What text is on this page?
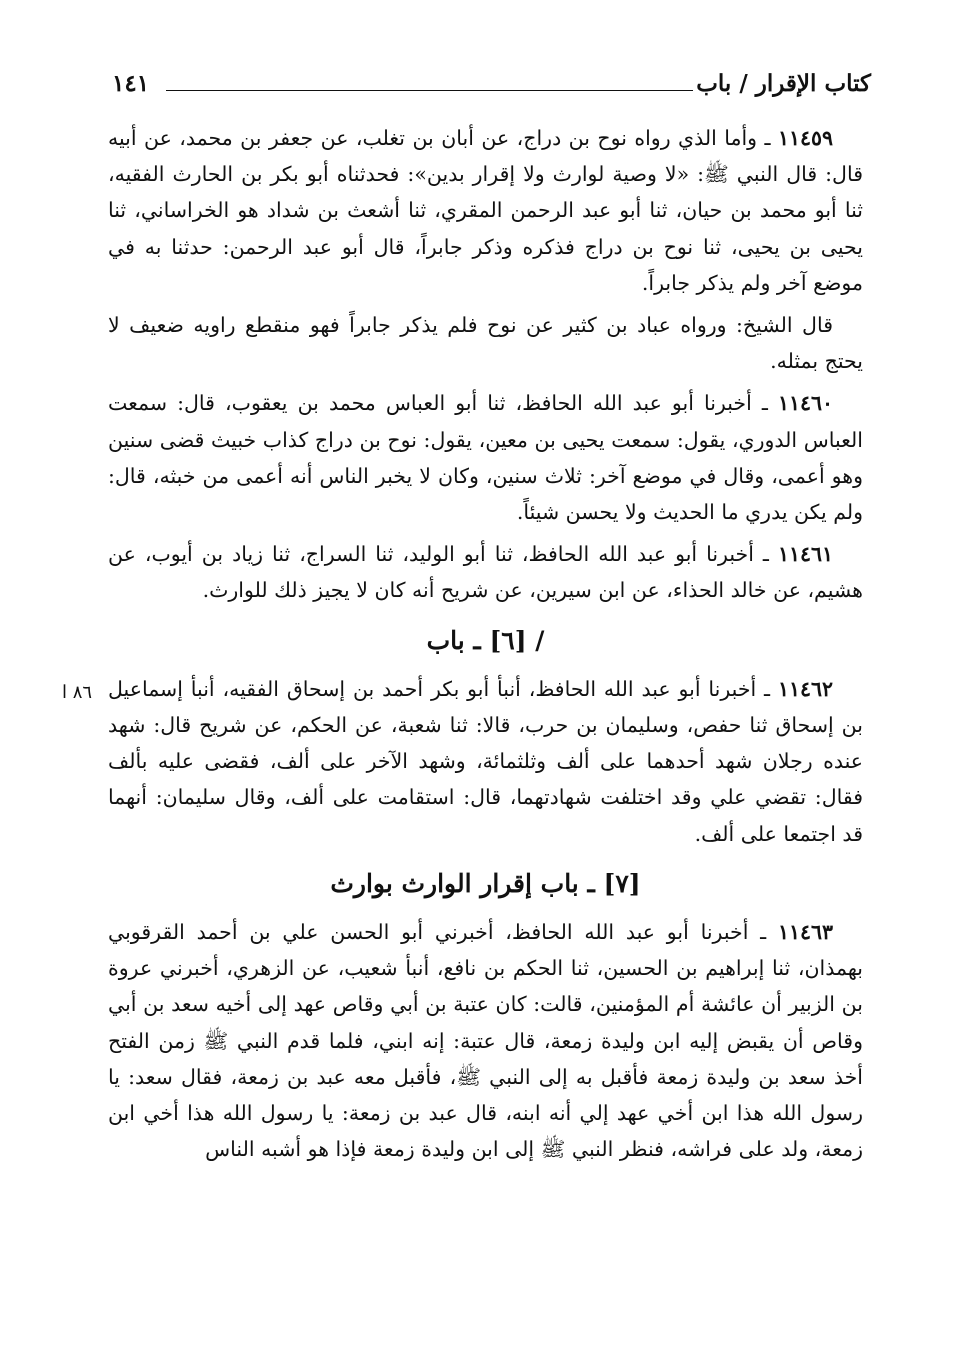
كتاب الإقرار / باب
١٤١
٨٦ ا

١١٤٥٩ ـ وأما الذي رواه نوح بن دراج، عن أبان بن تغلب، عن جعفر بن محمد، عن أبيه قال: قال النبي ﷺ: «لا وصية لوارث ولا إقرار بدين»: فحدثناه أبو بكر بن الحارث الفقيه، ثنا أبو محمد بن حيان، ثنا أبو عبد الرحمن المقري، ثنا أشعث بن شداد هو الخراساني، ثنا يحيى بن يحيى، ثنا نوح بن دراج فذكره وذكر جابراً، قال أبو عبد الرحمن: حدثنا به في موضع آخر ولم يذكر جابراً.

قال الشيخ: ورواه عباد بن كثير عن نوح فلم يذكر جابراً فهو منقطع راويه ضعيف لا يحتج بمثله.

١١٤٦٠ ـ أخبرنا أبو عبد الله الحافظ، ثنا أبو العباس محمد بن يعقوب، قال: سمعت العباس الدوري، يقول: سمعت يحيى بن معين، يقول: نوح بن دراج كذاب خبيث قضى سنين وهو أعمى، وقال في موضع آخر: ثلاث سنين، وكان لا يخبر الناس أنه أعمى من خبثه، قال: ولم يكن يدري ما الحديث ولا يحسن شيئاً.

١١٤٦١ ـ أخبرنا أبو عبد الله الحافظ، ثنا أبو الوليد، ثنا السراج، ثنا زياد بن أيوب، عن هشيم، عن خالد الحذاء، عن ابن سيرين، عن شريح أنه كان لا يجيز ذلك للوارث.

/ [٦] ـ باب

١١٤٦٢ ـ أخبرنا أبو عبد الله الحافظ، أنبأ أبو بكر أحمد بن إسحاق الفقيه، أنبأ إسماعيل بن إسحاق ثنا حفص، وسليمان بن حرب، قالا: ثنا شعبة، عن الحكم، عن شريح قال: شهد عنده رجلان شهد أحدهما على ألف وثلثمائة، وشهد الآخر على ألف، فقضى عليه بألف فقال: تقضي علي وقد اختلفت شهادتهما، قال: استقامت على ألف، وقال سليمان: أنهما قد اجتمعا على ألف.

[٧] ـ باب إقرار الوارث بوارث

١١٤٦٣ ـ أخبرنا أبو عبد الله الحافظ، أخبرني أبو الحسن علي بن أحمد القرقوبي بهمذان، ثنا إبراهيم بن الحسين، ثنا الحكم بن نافع، أنبأ شعيب، عن الزهري، أخبرني عروة بن الزبير أن عائشة أم المؤمنين، قالت: كان عتبة بن أبي وقاص عهد إلى أخيه سعد بن أبي وقاص أن يقبض إليه ابن وليدة زمعة، قال عتبة: إنه ابني، فلما قدم النبي ﷺ زمن الفتح أخذ سعد بن وليدة زمعة فأقبل به إلى النبي ﷺ، فأقبل معه عبد بن زمعة، فقال سعد: يا رسول الله هذا ابن أخي عهد إلي أنه ابنه، قال عبد بن زمعة: يا رسول الله هذا أخي ابن زمعة، ولد على فراشه، فنظر النبي ﷺ إلى ابن وليدة زمعة فإذا هو أشبه الناس
